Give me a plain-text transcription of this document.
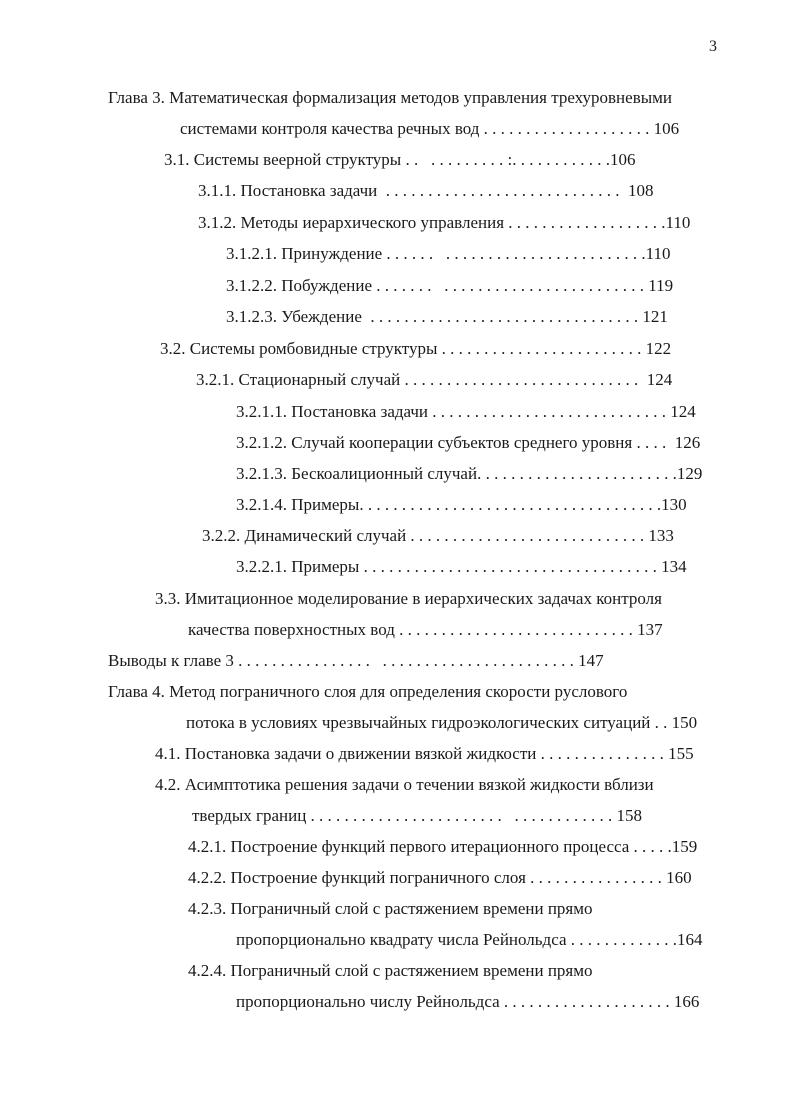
3
Глава 3. Математическая формализация методов управления трехуровневыми
системами контроля качества речных вод . . . . . . . . . . . . . . . . . . . . 106
3.1. Системы веерной структуры . .   . . . . . . . . . :. . . . . . . . . . . .106
3.1.1. Постановка задачи  . . . . . . . . . . . . . . . . . . . . . . . . . . . .  108
3.1.2. Методы иерархического управления . . . . . . . . . . . . . . . . . . .110
3.1.2.1. Принуждение . . . . . .   . . . . . . . . . . . . . . . . . . . . . . . .110
3.1.2.2. Побуждение . . . . . . .   . . . . . . . . . . . . . . . . . . . . . . . . 119
3.1.2.3. Убеждение  . . . . . . . . . . . . . . . . . . . . . . . . . . . . . . . . 121
3.2. Системы ромбовидные структуры . . . . . . . . . . . . . . . . . . . . . . . . 122
3.2.1. Стационарный случай . . . . . . . . . . . . . . . . . . . . . . . . . . . .  124
3.2.1.1. Постановка задачи . . . . . . . . . . . . . . . . . . . . . . . . . . . . 124
3.2.1.2. Случай кооперации субъектов среднего уровня . . . .  126
3.2.1.3. Бескоалиционный случай. . . . . . . . . . . . . . . . . . . . . . . .129
3.2.1.4. Примеры. . . . . . . . . . . . . . . . . . . . . . . . . . . . . . . . . . . .130
3.2.2. Динамический случай . . . . . . . . . . . . . . . . . . . . . . . . . . . . 133
3.2.2.1. Примеры . . . . . . . . . . . . . . . . . . . . . . . . . . . . . . . . . . . 134
3.3. Имитационное моделирование в иерархических задачах контроля
качества поверхностных вод . . . . . . . . . . . . . . . . . . . . . . . . . . . . 137
Выводы к главе 3 . . . . . . . . . . . . . . . .   . . . . . . . . . . . . . . . . . . . . . . . 147
Глава 4. Метод пограничного слоя для определения скорости руслового
потока в условиях чрезвычайных гидроэкологических ситуаций . . 150
4.1. Постановка задачи о движении вязкой жидкости . . . . . . . . . . . . . . . 155
4.2. Асимптотика решения задачи о течении вязкой жидкости вблизи
твердых границ . . . . . . . . . . . . . . . . . . . . . . .   . . . . . . . . . . . . 158
4.2.1. Построение функций первого итерационного процесса . . . . .159
4.2.2. Построение функций пограничного слоя . . . . . . . . . . . . . . . . 160
4.2.3. Пограничный слой с растяжением времени прямо
пропорционально квадрату числа Рейнольдса . . . . . . . . . . . . .164
4.2.4. Пограничный слой с растяжением времени прямо
пропорционально числу Рейнольдса . . . . . . . . . . . . . . . . . . . . 166
